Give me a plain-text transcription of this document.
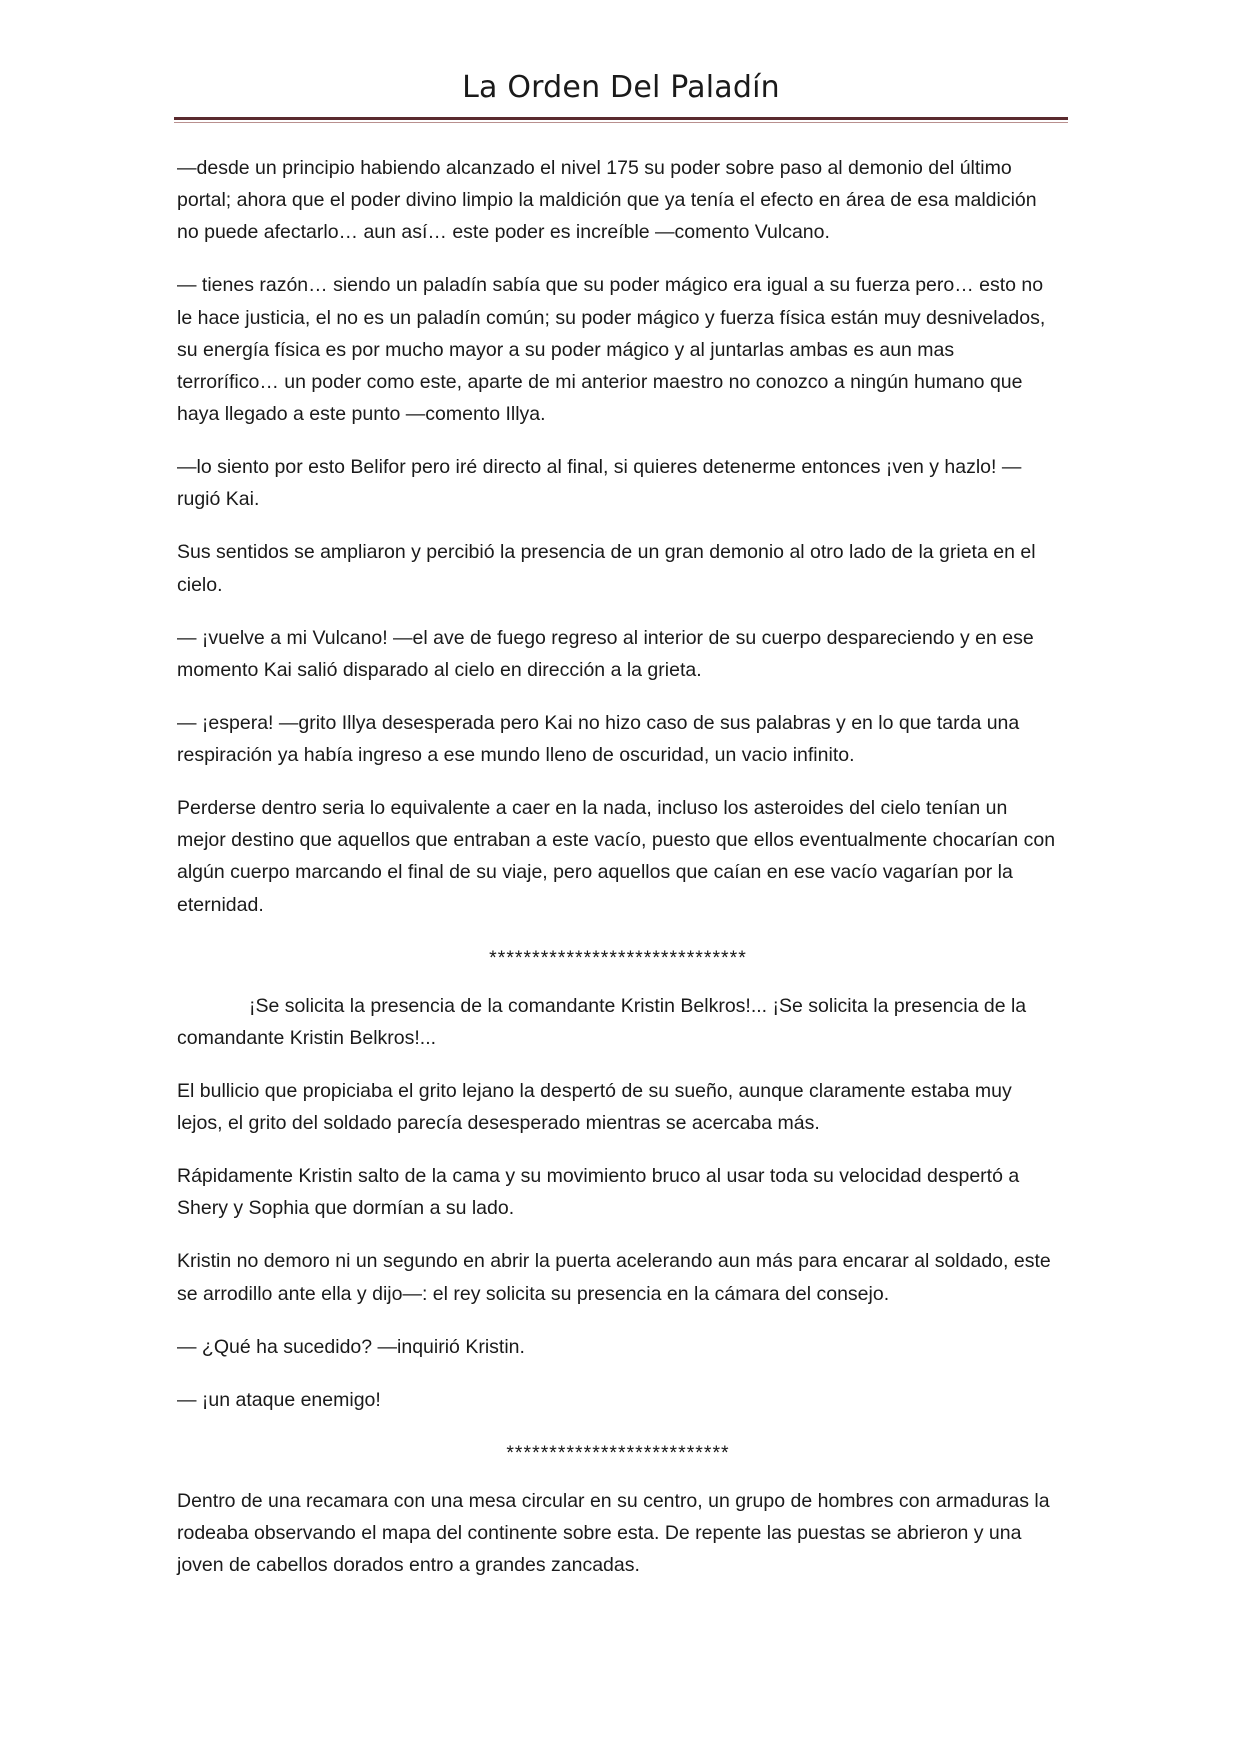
La Orden Del Paladín

—desde un principio habiendo alcanzado el nivel 175 su poder sobre paso al demonio del último portal; ahora que el poder divino limpio la maldición que ya tenía el efecto en área de esa maldición no puede afectarlo… aun así… este poder es increíble —comento Vulcano.

— tienes razón… siendo un paladín sabía que su poder mágico era igual a su fuerza pero… esto no le hace justicia, el no es un paladín común; su poder mágico y fuerza física están muy desnivelados, su energía física es por mucho mayor a su poder mágico y al juntarlas ambas es aun mas terrorífico… un poder como este, aparte de mi anterior maestro no conozco a ningún humano que haya llegado a este punto —comento Illya.

—lo siento por esto Belifor pero iré directo al final, si quieres detenerme entonces ¡ven y hazlo! —rugió Kai.

Sus sentidos se ampliaron y percibió la presencia de un gran demonio al otro lado de la grieta en el cielo.

— ¡vuelve a mi Vulcano! —el ave de fuego regreso al interior de su cuerpo despareciendo y en ese momento Kai salió disparado al cielo en dirección a la grieta.

— ¡espera! —grito Illya desesperada pero Kai no hizo caso de sus palabras y en lo que tarda una respiración ya había ingreso a ese mundo lleno de oscuridad, un vacio infinito.

Perderse dentro seria lo equivalente a caer en la nada, incluso los asteroides del cielo tenían un mejor destino que aquellos que entraban a este vacío, puesto que ellos eventualmente chocarían con algún cuerpo marcando el final de su viaje, pero aquellos que caían en ese vacío vagarían por la eternidad.

******************************

¡Se solicita la presencia de la comandante Kristin Belkros!... ¡Se solicita la presencia de la comandante Kristin Belkros!...

El bullicio que propiciaba el grito lejano la despertó de su sueño, aunque claramente estaba muy lejos, el grito del soldado parecía desesperado mientras se acercaba más.

Rápidamente Kristin salto de la cama y su movimiento bruco al usar toda su velocidad despertó a Shery y Sophia que dormían a su lado.

Kristin no demoro ni un segundo en abrir la puerta acelerando aun más para encarar al soldado, este se arrodillo ante ella y dijo—: el rey solicita su presencia en la cámara del consejo.

— ¿Qué ha sucedido? —inquirió Kristin.

— ¡un ataque enemigo!

**************************

Dentro de una recamara con una mesa circular en su centro, un grupo de hombres con armaduras la rodeaba observando el mapa del continente sobre esta. De repente las puestas se abrieron y una joven de cabellos dorados entro a grandes zancadas.
